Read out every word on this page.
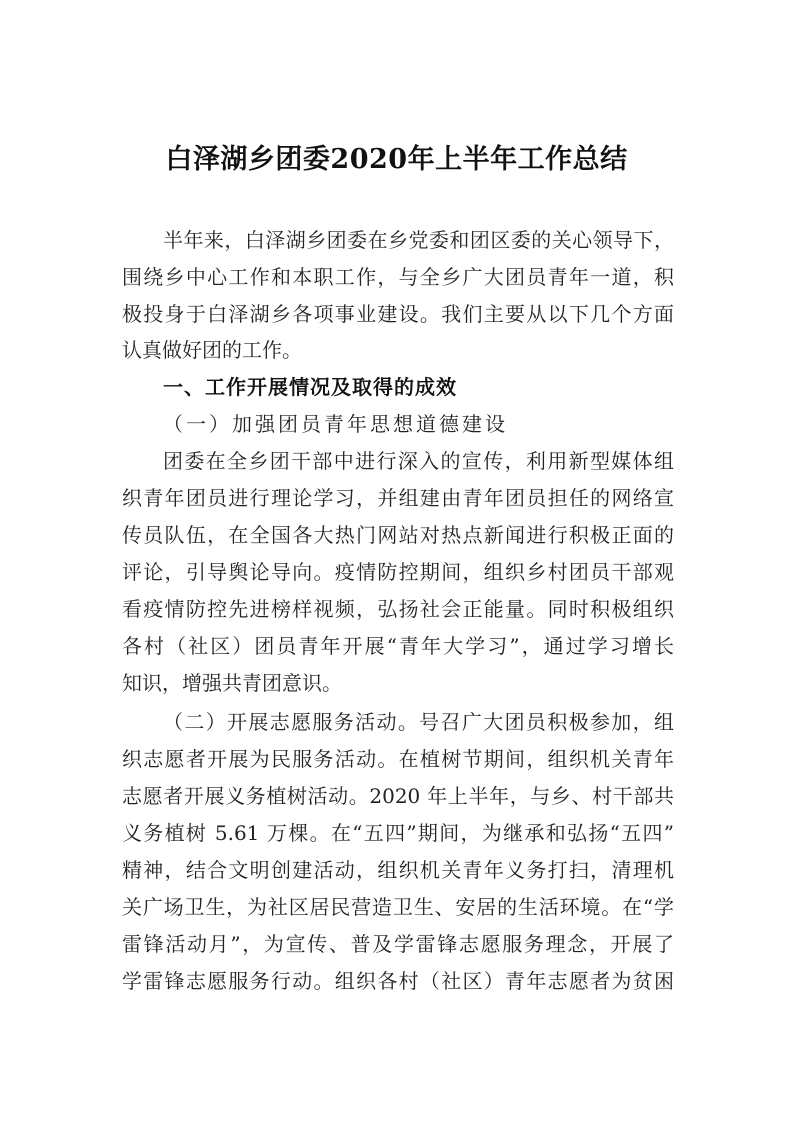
白泽湖乡团委2020年上半年工作总结
半年来，白泽湖乡团委在乡党委和团区委的关心领导下，
围绕乡中心工作和本职工作，与全乡广大团员青年一道，积
极投身于白泽湖乡各项事业建设。我们主要从以下几个方面
认真做好团的工作。
一、工作开展情况及取得的成效
（一）加强团员青年思想道德建设
团委在全乡团干部中进行深入的宣传，利用新型媒体组
织青年团员进行理论学习，并组建由青年团员担任的网络宣
传员队伍，在全国各大热门网站对热点新闻进行积极正面的
评论，引导舆论导向。疫情防控期间，组织乡村团员干部观
看疫情防控先进榜样视频，弘扬社会正能量。同时积极组织
各村（社区）团员青年开展“青年大学习”，通过学习增长
知识，增强共青团意识。
（二）开展志愿服务活动。号召广大团员积极参加，组
织志愿者开展为民服务活动。在植树节期间，组织机关青年
志愿者开展义务植树活动。2020 年上半年，与乡、村干部共
义务植树 5.61 万棵。在“五四”期间，为继承和弘扬“五四”
精神，结合文明创建活动，组织机关青年义务打扫，清理机
关广场卫生，为社区居民营造卫生、安居的生活环境。在“学
雷锋活动月”，为宣传、普及学雷锋志愿服务理念，开展了
学雷锋志愿服务行动。组织各村（社区）青年志愿者为贫困
